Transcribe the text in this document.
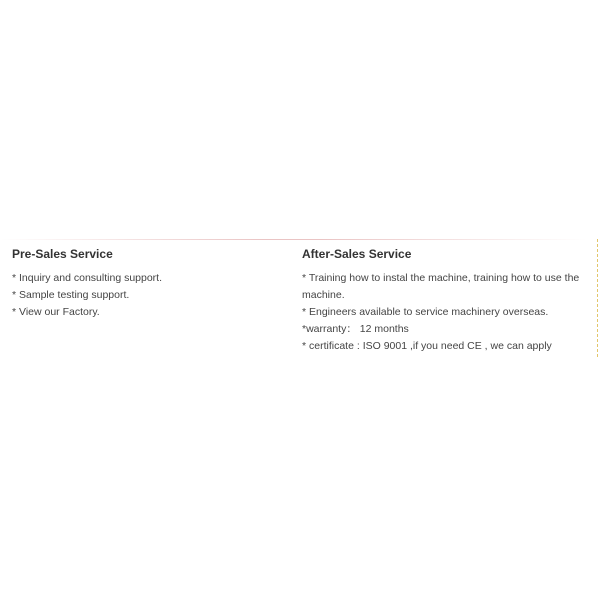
Pre-Sales Service
* Inquiry and consulting support.
* Sample testing support.
* View our Factory.
After-Sales Service
* Training how to instal the machine, training how to use the machine.
* Engineers available to service machinery overseas.
*warranty： 12 months
* certificate : ISO 9001 ,if you need CE , we can apply
